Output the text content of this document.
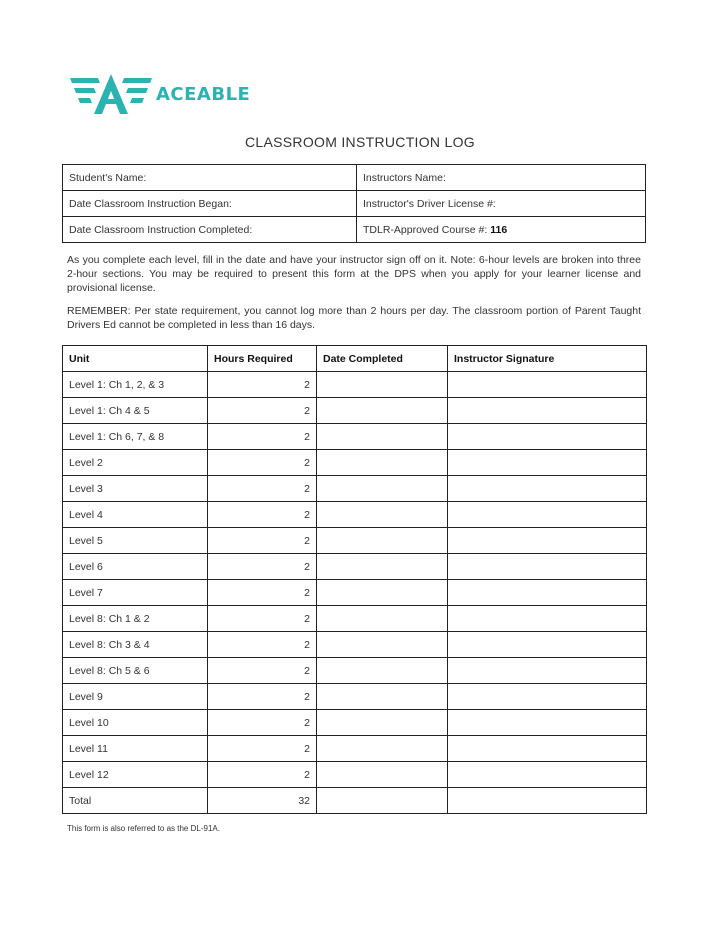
ACEABLE
CLASSROOM INSTRUCTION LOG
Student's Name:	Instructors Name:
Date Classroom Instruction Began:	Instructor's Driver License #:
Date Classroom Instruction Completed:	TDLR-Approved Course #: 116
As you complete each level, fill in the date and have your instructor sign off on it. Note: 6-hour levels are broken into three 2-hour sections. You may be required to present this form at the DPS when you apply for your learner license and provisional license.
REMEMBER: Per state requirement, you cannot log more than 2 hours per day. The classroom portion of Parent Taught Drivers Ed cannot be completed in less than 16 days.
Unit	Hours Required	Date Completed	Instructor Signature
Level 1: Ch 1, 2, & 3	2		
Level 1: Ch 4 & 5	2		
Level 1: Ch 6, 7, & 8	2		
Level 2	2		
Level 3	2		
Level 4	2		
Level 5	2		
Level 6	2		
Level 7	2		
Level 8: Ch 1 & 2	2		
Level 8: Ch 3 & 4	2		
Level 8: Ch 5 & 6	2		
Level 9	2		
Level 10	2		
Level 11	2		
Level 12	2		
Total	32		
This form is also referred to as the DL-91A.
